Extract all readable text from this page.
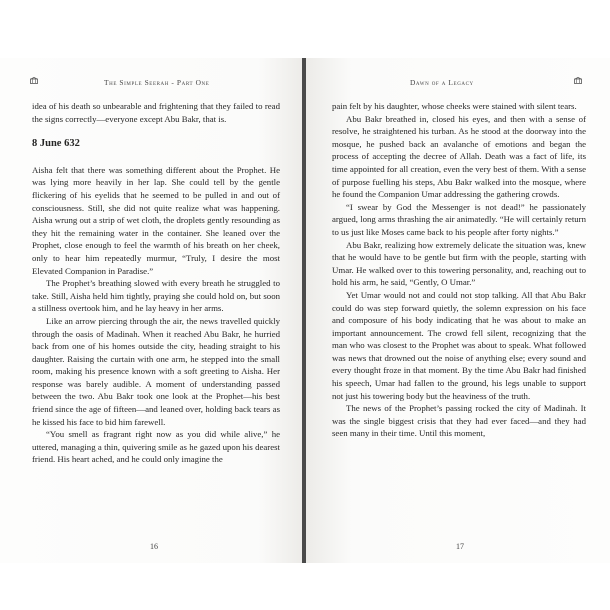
The Simple Seerah - Part One

idea of his death so unbearable and frightening that they failed to read the signs correctly—everyone except Abu Bakr, that is.

8 June 632

Aisha felt that there was something different about the Prophet. He was lying more heavily in her lap. She could tell by the gentle flickering of his eyelids that he seemed to be pulled in and out of consciousness. Still, she did not quite realize what was happening. Aisha wrung out a strip of wet cloth, the droplets gently resounding as they hit the remaining water in the container. She leaned over the Prophet, close enough to feel the warmth of his breath on her cheek, only to hear him repeatedly murmur, “Truly, I desire the most Elevated Companion in Paradise.”

The Prophet’s breathing slowed with every breath he struggled to take. Still, Aisha held him tightly, praying she could hold on, but soon a stillness overtook him, and he lay heavy in her arms.

Like an arrow piercing through the air, the news travelled quickly through the oasis of Madinah. When it reached Abu Bakr, he hurried back from one of his homes outside the city, heading straight to his daughter. Raising the curtain with one arm, he stepped into the small room, making his presence known with a soft greeting to Aisha. Her response was barely audible. A moment of understanding passed between the two. Abu Bakr took one look at the Prophet—his best friend since the age of fifteen—and leaned over, holding back tears as he kissed his face to bid him farewell.

“You smell as fragrant right now as you did while alive,” he uttered, managing a thin, quivering smile as he gazed upon his dearest friend. His heart ached, and he could only imagine the

16
Dawn of a Legacy

pain felt by his daughter, whose cheeks were stained with silent tears.

Abu Bakr breathed in, closed his eyes, and then with a sense of resolve, he straightened his turban. As he stood at the doorway into the mosque, he pushed back an avalanche of emotions and began the process of accepting the decree of Allah. Death was a fact of life, its time appointed for all creation, even the very best of them. With a sense of purpose fuelling his steps, Abu Bakr walked into the mosque, where he found the Companion Umar addressing the gathering crowds.

“I swear by God the Messenger is not dead!” he passionately argued, long arms thrashing the air animatedly. “He will certainly return to us just like Moses came back to his people after forty nights.”

Abu Bakr, realizing how extremely delicate the situation was, knew that he would have to be gentle but firm with the people, starting with Umar. He walked over to this towering personality, and, reaching out to hold his arm, he said, “Gently, O Umar.”

Yet Umar would not and could not stop talking. All that Abu Bakr could do was step forward quietly, the solemn expression on his face and composure of his body indicating that he was about to make an important announcement. The crowd fell silent, recognizing that the man who was closest to the Prophet was about to speak. What followed was news that drowned out the noise of anything else; every sound and every thought froze in that moment. By the time Abu Bakr had finished his speech, Umar had fallen to the ground, his legs unable to support not just his towering body but the heaviness of the truth.

The news of the Prophet’s passing rocked the city of Madinah. It was the single biggest crisis that they had ever faced—and they had seen many in their time. Until this moment,

17
